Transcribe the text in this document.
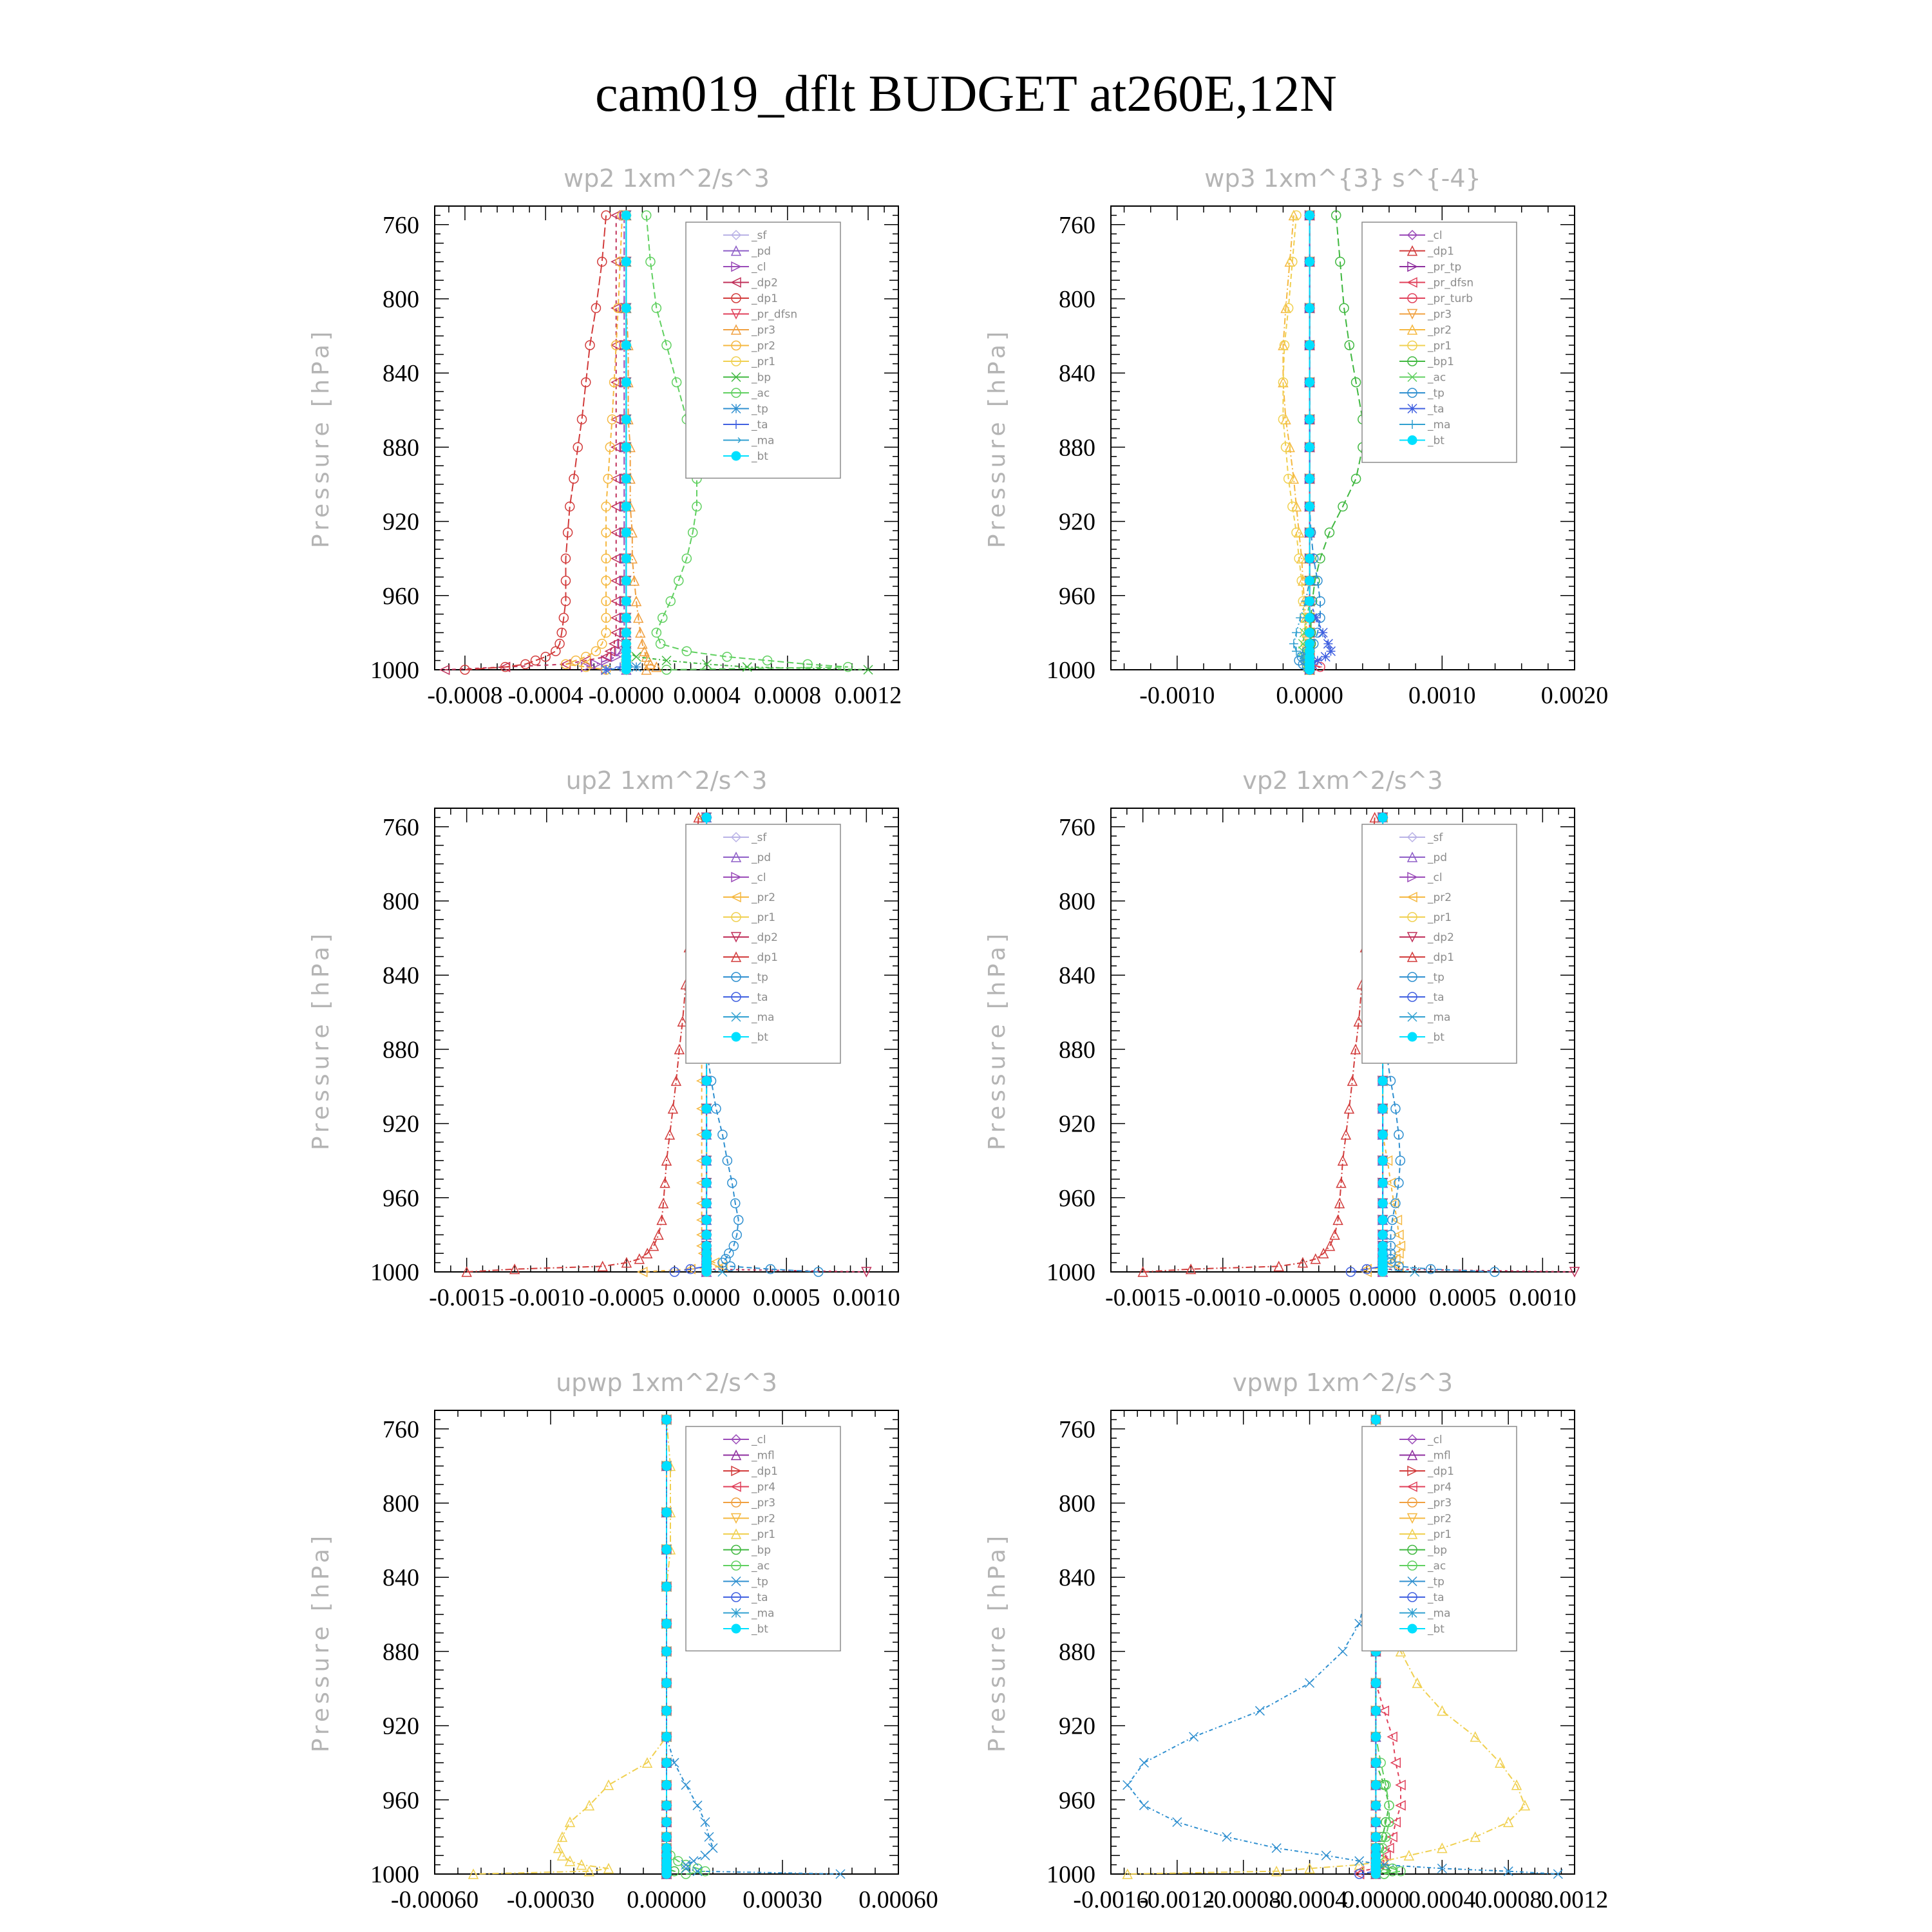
cam019_dflt BUDGET at260E,12N
wp2 1xm^2/s^3
Pressure [hPa]
760
800
840
880
920
960
1000
-0.0008 -0.0004 -0.0000 0.0004 0.0008 0.0012
_sf
_pd
_cl
_dp2
_dp1
_pr_dfsn
_pr3
_pr2
_pr1
_bp
_ac
_tp
_ta
_ma
_bt
wp3 1xm^{3} s^{-4}
Pressure [hPa]
760
800
840
880
920
960
1000
-0.0010 0.0000	0.0010	0.0020
_cl
_dp1
_pr_tp
_pr_dfsn
_pr_turb
_pr3
_pr2
_pr1
_bp1
_ac
_tp
_ta
_ma
_bt
up2 1xm^2/s^3
Pressure [hPa]
760
800
840
880
920
960
1000
-0.0015 -0.0010 -0.0005 0.0000 0.0005 0.0010
_sf
_pd
_cl
_pr2
_pr1
_dp2
_dp1
_tp
_ta
_ma
_bt
vp2 1xm^2/s^3
Pressure [hPa]
760
800
840
880
920
960
1000
-0.0015 -0.0010 -0.0005 0.0000 0.0005 0.0010
_sf
_pd
_cl
_pr2
_pr1
_dp2
_dp1
_tp
_ta
_ma
_bt
upwp 1xm^2/s^3
Pressure [hPa]
760
800
840
880
920
960
1000
-0.00060 -0.00030 0.00000 0.00030 0.00060
_cl
_mfl
_dp1
_pr4
_pr3
_pr2
_pr1
_bp
_ac
_tp
_ta
_ma
_bt
vpwp 1xm^2/s^3
Pressure [hPa]
760
800
840
880
920
960
1000
-0.0016
-0.0012
-0.0008
-0.0004
0.0000
0.0004
0.0008
0.0012
_cl
_mfl
_dp1
_pr4
_pr3
_pr2
_pr1
_bp
_ac
_tp
_ta
_ma
_bt
